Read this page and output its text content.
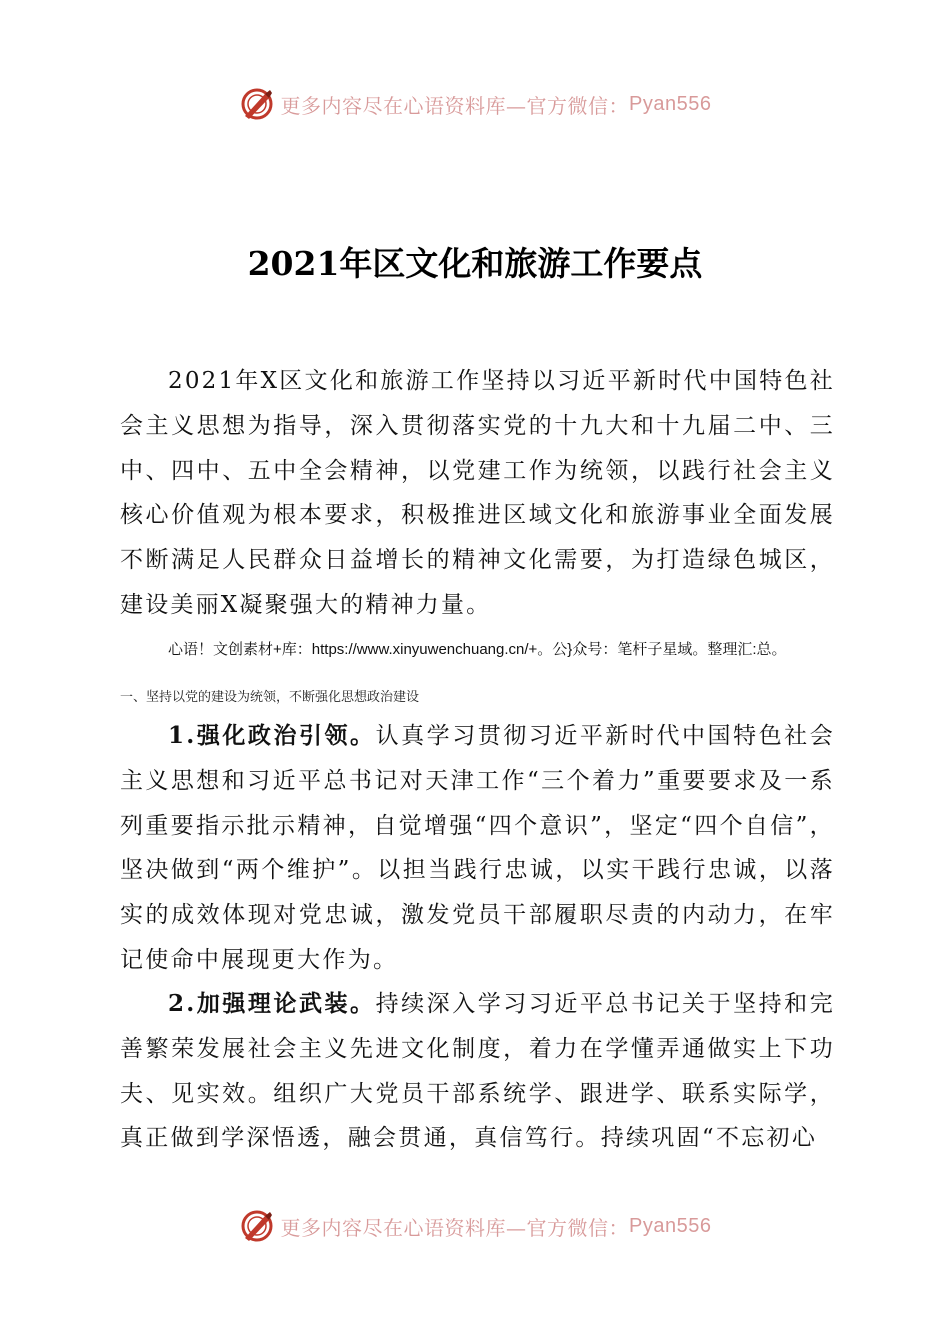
更多内容尽在心语资料库—官方微信： Pyan556
2021年区文化和旅游工作要点

2021年X区文化和旅游工作坚持以习近平新时代中国特色社会主义思想为指导，深入贯彻落实党的十九大和十九届二中、三中、四中、五中全会精神，以党建工作为统领，以践行社会主义核心价值观为根本要求，积极推进区域文化和旅游事业全面发展不断满足人民群众日益增长的精神文化需要，为打造绿色城区，建设美丽X凝聚强大的精神力量。

心语！文创素材+库：https://www.xinyuwenchuang.cn/+。公}众号：笔杆子星域。整理汇:总。
一、坚持以党的建设为统领，不断强化思想政治建设

1.强化政治引领。认真学习贯彻习近平新时代中国特色社会主义思想和习近平总书记对天津工作“三个着力”重要要求及一系列重要指示批示精神，自觉增强“四个意识”，坚定“四个自信”，坚决做到“两个维护”。以担当践行忠诚，以实干践行忠诚，以落实的成效体现对党忠诚，激发党员干部履职尽责的内动力，在牢记使命中展现更大作为。

2.加强理论武装。持续深入学习习近平总书记关于坚持和完善繁荣发展社会主义先进文化制度，着力在学懂弄通做实上下功夫、见实效。组织广大党员干部系统学、跟进学、联系实际学，真正做到学深悟透，融会贯通，真信笃行。持续巩固“不忘初心

更多内容尽在心语资料库—官方微信： Pyan556
